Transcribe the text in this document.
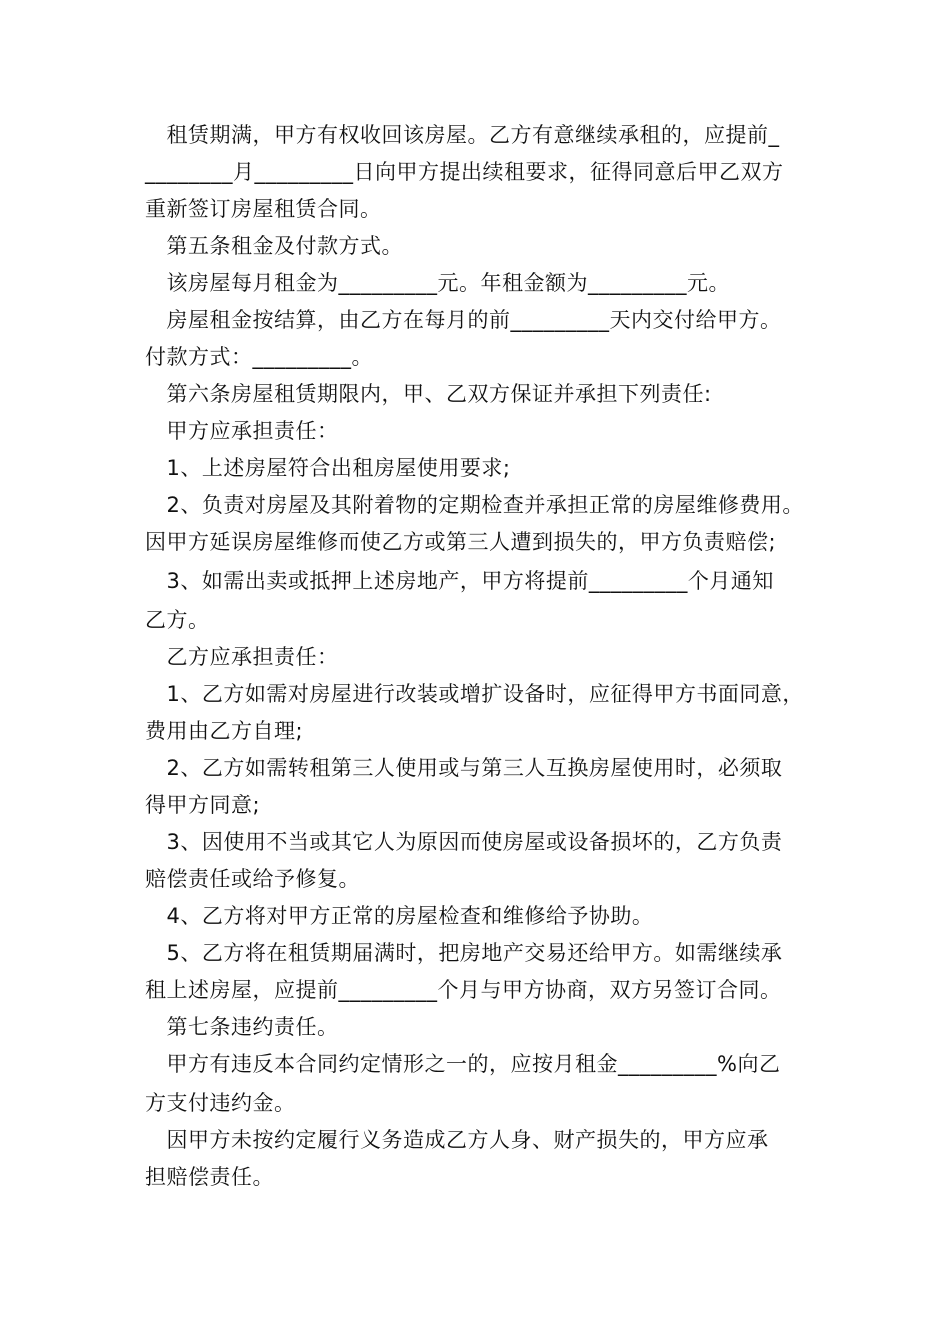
　租赁期满，甲方有权收回该房屋。乙方有意继续承租的，应提前_
________月_________日向甲方提出续租要求，征得同意后甲乙双方
重新签订房屋租赁合同。
　第五条租金及付款方式。
　该房屋每月租金为_________元。年租金额为_________元。
　房屋租金按结算，由乙方在每月的前_________天内交付给甲方。
付款方式：_________。
　第六条房屋租赁期限内，甲、乙双方保证并承担下列责任:
　甲方应承担责任：
　1、上述房屋符合出租房屋使用要求;
　2、负责对房屋及其附着物的定期检查并承担正常的房屋维修费用。
因甲方延误房屋维修而使乙方或第三人遭到损失的，甲方负责赔偿;
　3、如需出卖或抵押上述房地产，甲方将提前_________个月通知
乙方。
　乙方应承担责任：
　1、乙方如需对房屋进行改装或增扩设备时，应征得甲方书面同意，
费用由乙方自理;
　2、乙方如需转租第三人使用或与第三人互换房屋使用时，必须取
得甲方同意;
　3、因使用不当或其它人为原因而使房屋或设备损坏的，乙方负责
赔偿责任或给予修复。
　4、乙方将对甲方正常的房屋检查和维修给予协助。
　5、乙方将在租赁期届满时，把房地产交易还给甲方。如需继续承
租上述房屋，应提前_________个月与甲方协商，双方另签订合同。
　第七条违约责任。
　甲方有违反本合同约定情形之一的，应按月租金_________%向乙
方支付违约金。
　因甲方未按约定履行义务造成乙方人身、财产损失的，甲方应承
担赔偿责任。
